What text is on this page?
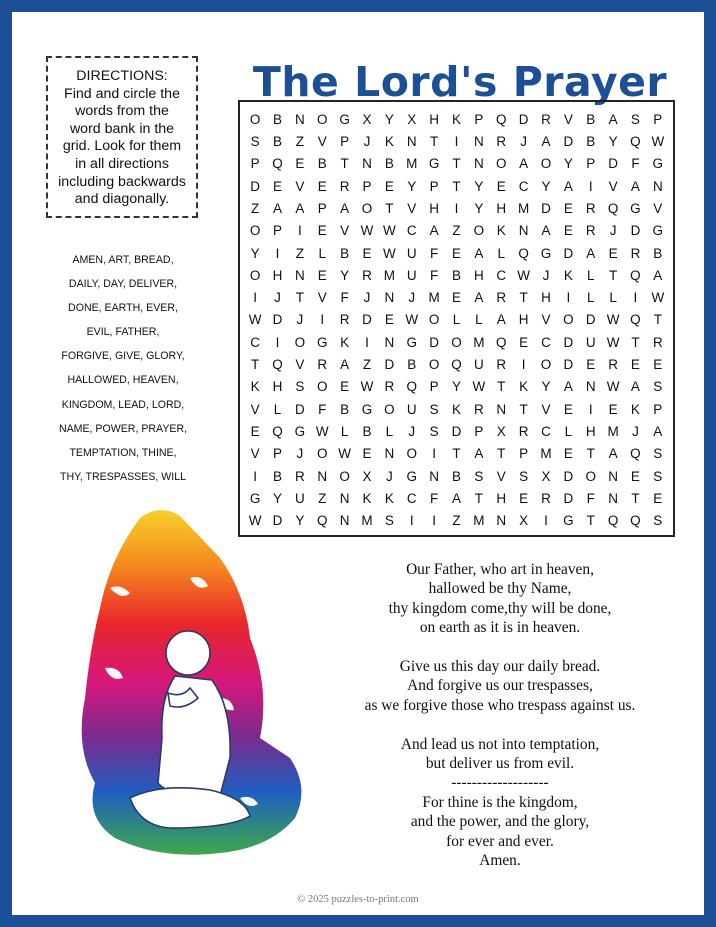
The Lord's Prayer
DIRECTIONS:
Find and circle the
words from the
word bank in the
grid. Look for them
in all directions
including backwards
and diagonally.
AMEN, ART, BREAD,
DAILY, DAY, DELIVER,
DONE, EARTH, EVER,
EVIL, FATHER,
FORGIVE, GIVE, GLORY,
HALLOWED, HEAVEN,
KINGDOM, LEAD, LORD,
NAME, POWER, PRAYER,
TEMPTATION, THINE,
THY, TRESPASSES, WILL
O B N O G X Y X H K P Q D R V B A S P
S B	Z	V P	J	K N T	I	N R	J	A D B Y Q W
P Q E B	T N B M G T N O A O Y P D F G
D E V E R P E Y P	T	Y E C Y A	I	V A N
Z	A A P A O T	V H	I	Y H M D E R Q G V
O P	I	E V W W C A	Z O K N A E R	J	D G
Y	I	Z	L	B E W U F	E A	L Q G D A E R B
O H N E Y R M U F	B H C W J	K	L	T Q A
I	J	T	V	F	J	N	J M E A R T H	I	L	L	I	W
W D	J	I	R D E W O L	L	A H V O D W Q T
C	I	O G K	I	N G D O M Q E C D U W T R
T Q V R A	Z D B O Q U R	I	O D E R E E
K H S O E W R Q P Y W T	K Y A N W A S
V	L	D F	B G O U S K R N T	V E	I	E K P
E Q G W L	B	L	J	S D P X R C	L	H M J	A
V P	J	O W E N O	I	T	A	T	P M E	T	A Q S
I	B R N O X	J	G N B S V S X D O N E S
G Y U Z N K K C F	A	T H E R D F N T	E
W D Y Q N M S	I	I	Z M N X	I	G T Q Q S
Our Father, who art in heaven,
hallowed be thy Name,
thy kingdom come,thy will be done,
on earth as it is in heaven.
Give us this day our daily bread.
And forgive us our trespasses,
as we forgive those who trespass against us.
And lead us not into temptation,
but deliver us from evil.
-------------------
For thine is the kingdom,
and the power, and the glory,
for ever and ever.
Amen.
© 2025 puzzles-to-print.com
